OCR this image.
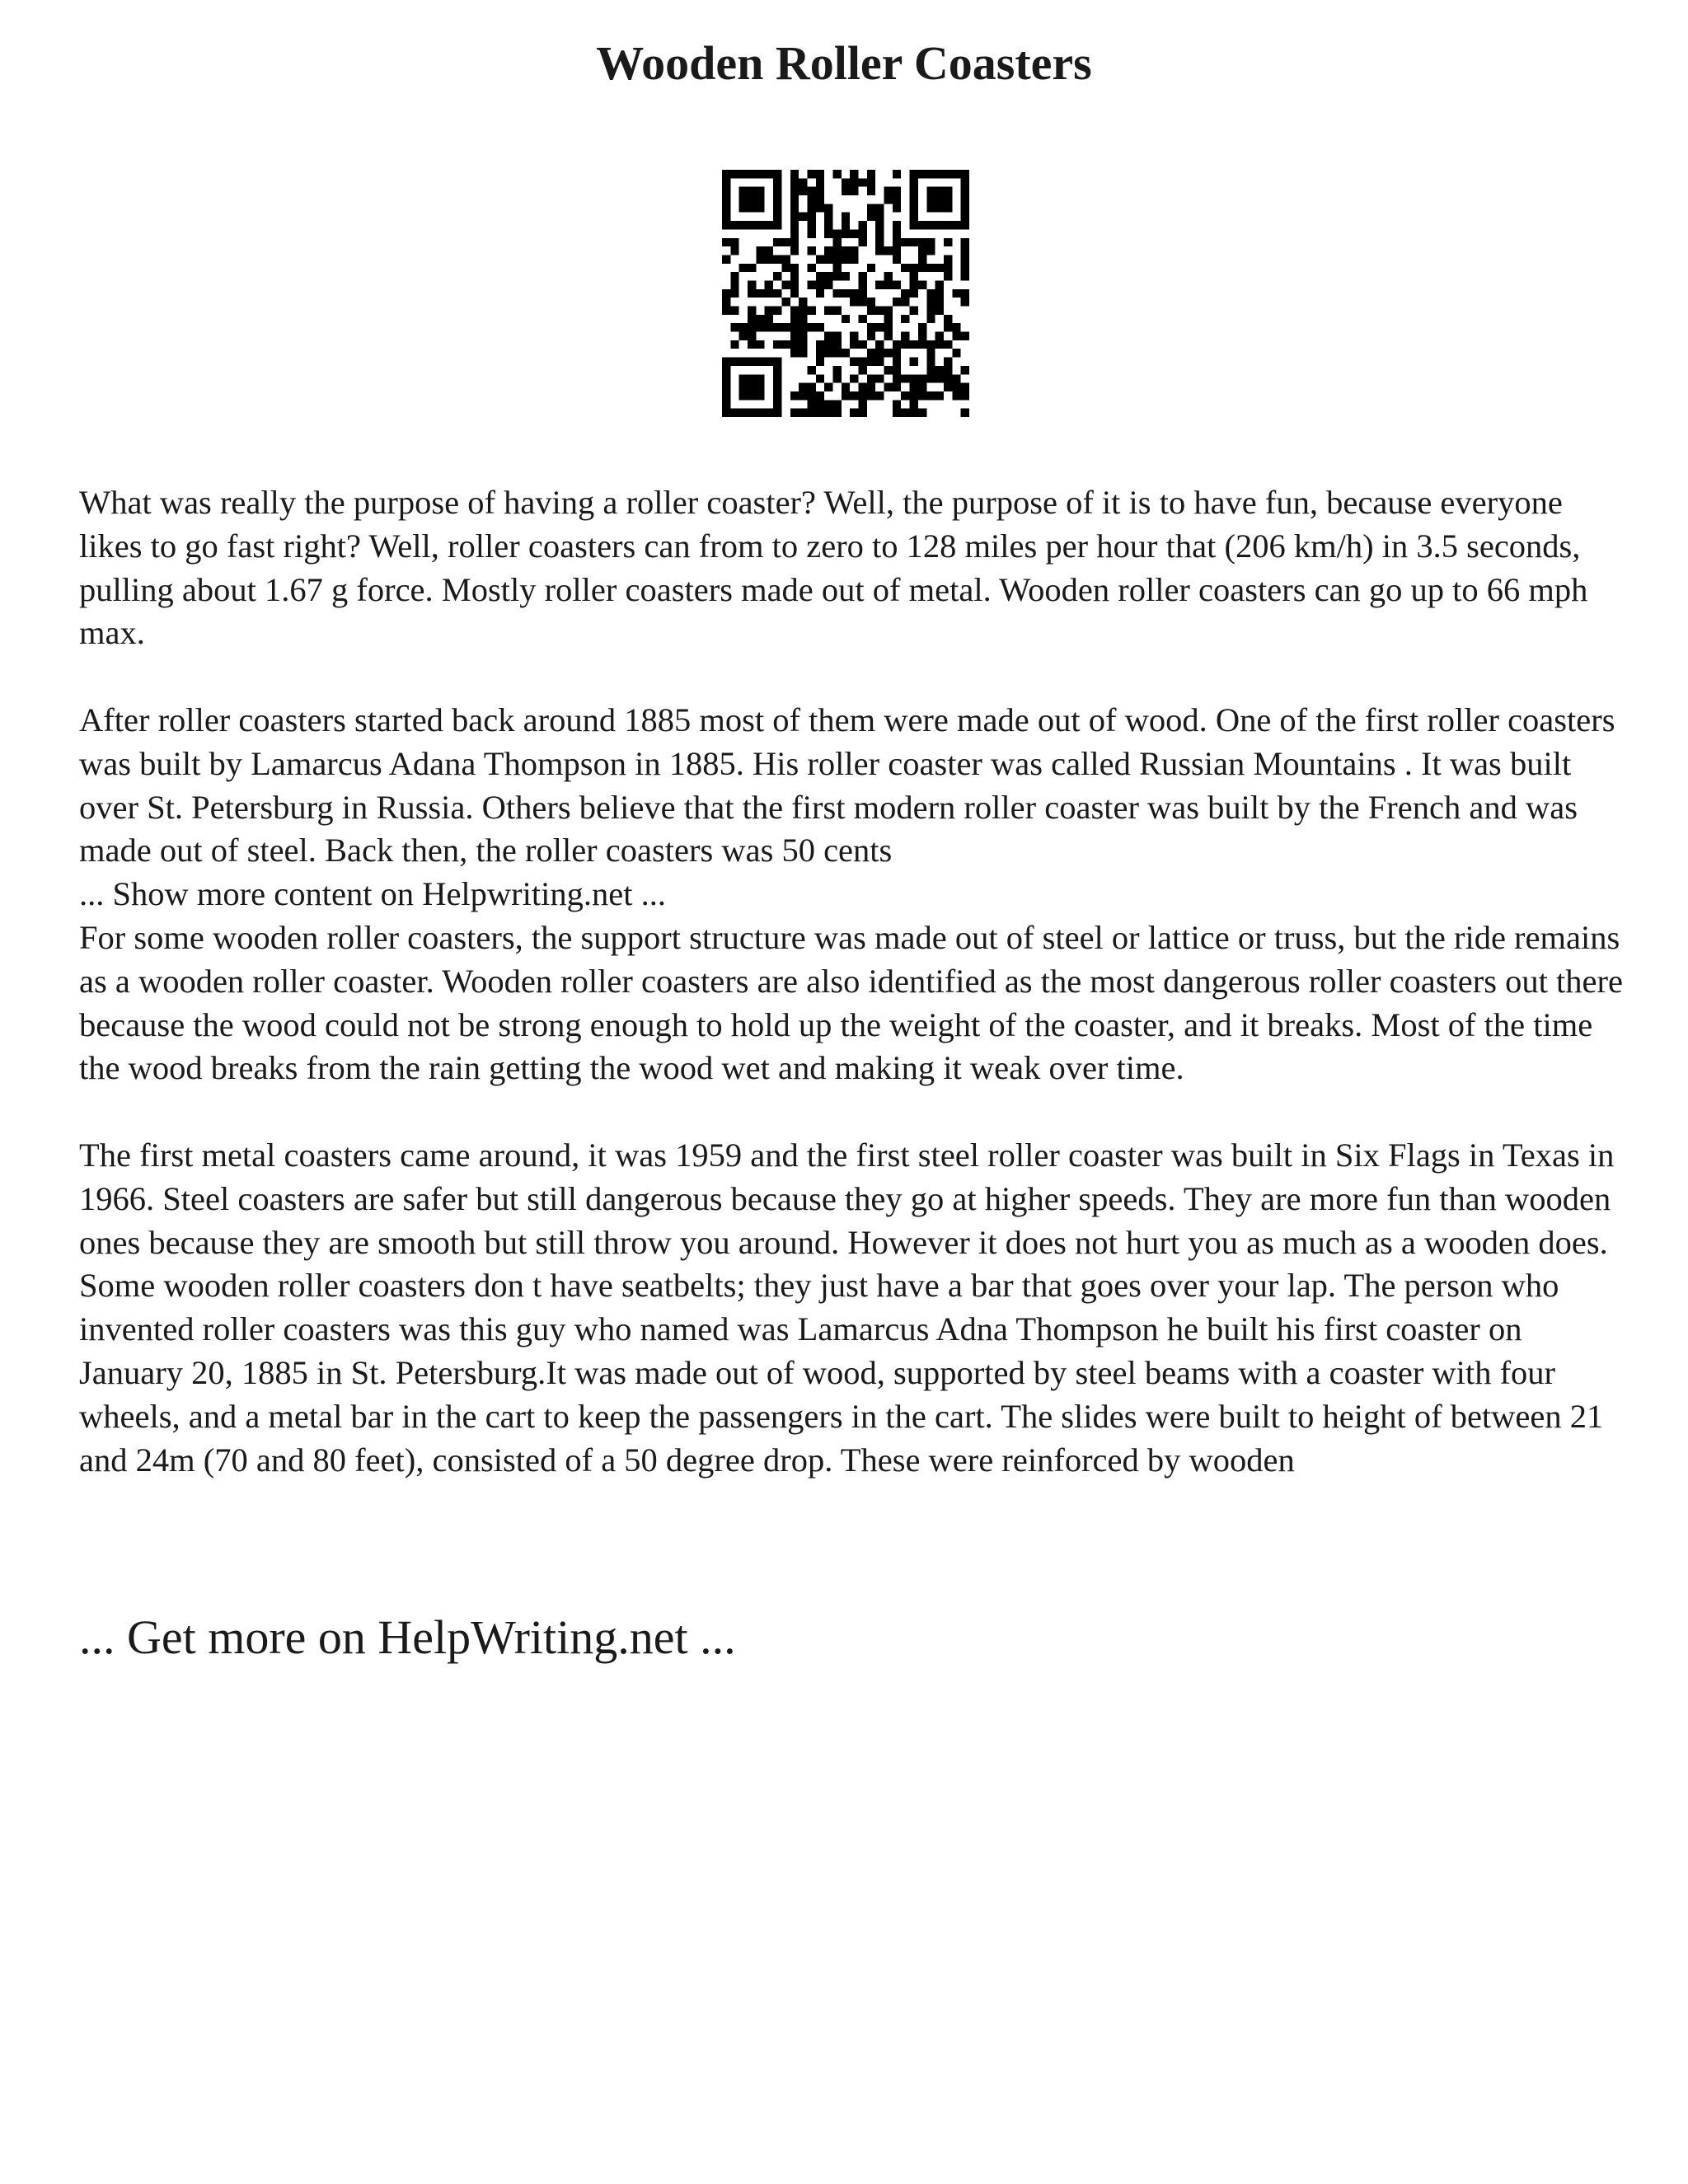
Wooden Roller Coasters

What was really the purpose of having a roller coaster? Well, the purpose of it is to have fun, because everyone likes to go fast right? Well, roller coasters can from to zero to 128 miles per hour that (206 km/h) in 3.5 seconds, pulling about 1.67 g force. Mostly roller coasters made out of metal. Wooden roller coasters can go up to 66 mph max.

After roller coasters started back around 1885 most of them were made out of wood. One of the first roller coasters was built by Lamarcus Adana Thompson in 1885. His roller coaster was called Russian Mountains . It was built over St. Petersburg in Russia. Others believe that the first modern roller coaster was built by the French and was made out of steel. Back then, the roller coasters was 50 cents

... Show more content on Helpwriting.net ...

For some wooden roller coasters, the support structure was made out of steel or lattice or truss, but the ride remains as a wooden roller coaster. Wooden roller coasters are also identified as the most dangerous roller coasters out there because the wood could not be strong enough to hold up the weight of the coaster, and it breaks. Most of the time the wood breaks from the rain getting the wood wet and making it weak over time.

The first metal coasters came around, it was 1959 and the first steel roller coaster was built in Six Flags in Texas in 1966. Steel coasters are safer but still dangerous because they go at higher speeds. They are more fun than wooden ones because they are smooth but still throw you around. However it does not hurt you as much as a wooden does. Some wooden roller coasters don t have seatbelts; they just have a bar that goes over your lap. The person who invented roller coasters was this guy who named was Lamarcus Adna Thompson he built his first coaster on January 20, 1885 in St. Petersburg.It was made out of wood, supported by steel beams with a coaster with four wheels, and a metal bar in the cart to keep the passengers in the cart. The slides were built to height of between 21 and 24m (70 and 80 feet), consisted of a 50 degree drop. These were reinforced by wooden

... Get more on HelpWriting.net ...
